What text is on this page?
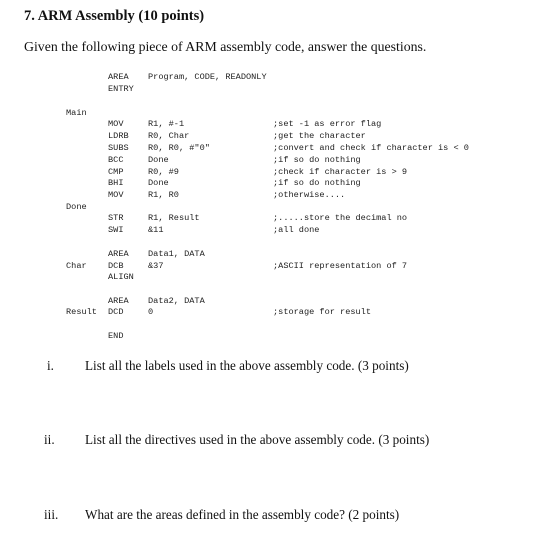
7. ARM Assembly (10 points)
Given the following piece of ARM assembly code, answer the questions.
AREA Program, CODE, READONLY
ENTRY
Main
MOV	R1, #-1	;set -1 as error flag
LDRB R0, Char	;get the character
SUBS R0, R0, #"0"	;convert and check if character is < 0
BCC	Done	;if so do nothing
CMP	R0, #9	;check if character is > 9
BHI	Done	;if so do nothing
MOV	R1, R0	;otherwise....
Done
STR	R1, Result	;.....store the decimal no
SWI	&11	;all done
AREA Data1, DATA
Char DCB	&37	;ASCII representation of 7
ALIGN
AREA Data2, DATA
Result DCD	0	;storage for result
END
i. List all the labels used in the above assembly code. (3 points)
ii. List all the directives used in the above assembly code. (3 points)
iii. What are the areas defined in the assembly code? (2 points)
